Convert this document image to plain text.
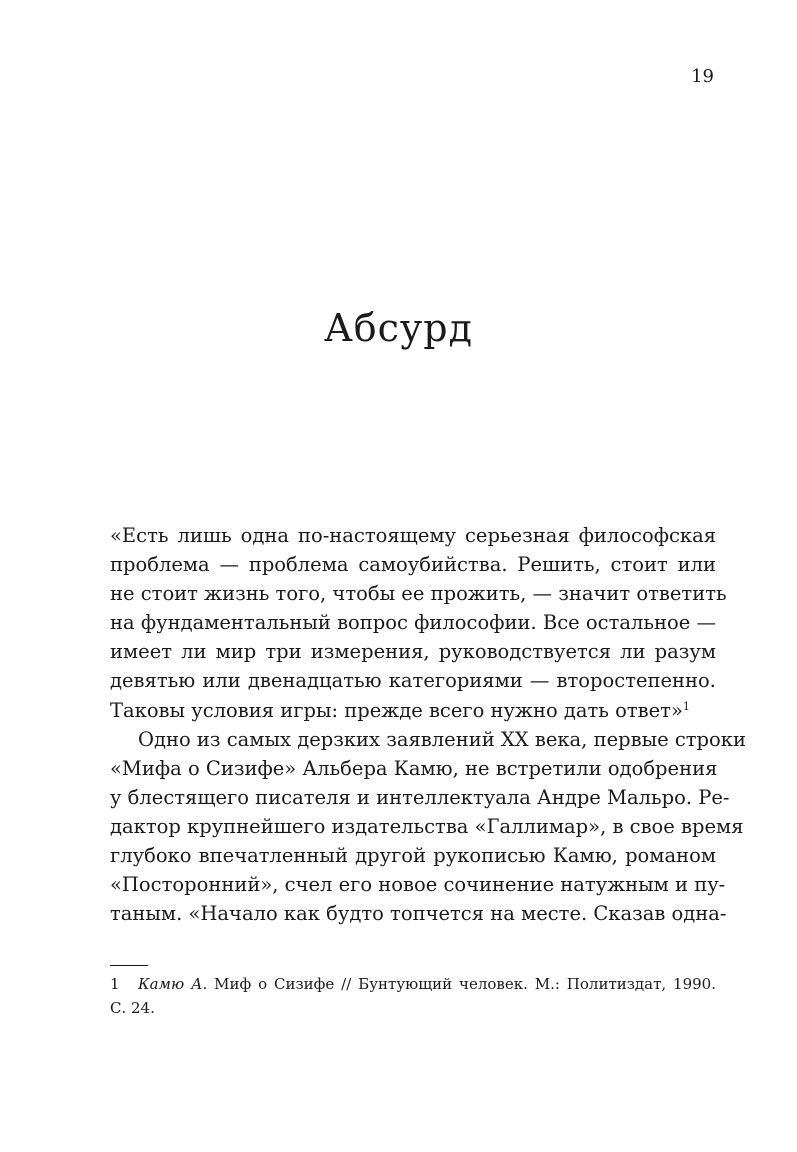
19
Абсурд
«Есть лишь одна по-настоящему серьезная философская
проблема — проблема самоубийства. Решить, стоит или
не стоит жизнь того, чтобы ее прожить, — значит ответить
на фундаментальный вопрос философии. Все остальное —
имеет ли мир три измерения, руководствуется ли разум
девятью или двенадцатью категориями — второстепенно.
Таковы условия игры: прежде всего нужно дать ответ»$^1$
Одно из самых дерзких заявлений XX века, первые строки
«Мифа о Сизифе» Альбера Камю, не встретили одобрения
у блестящего писателя и интеллектуала Андре Мальро. Ре-
дактор крупнейшего издательства «Галлимар», в свое время
глубоко впечатленный другой рукописью Камю, романом
«Посторонний», счел его новое сочинение натужным и пу-
таным. «Начало как будто топчется на месте. Сказав одна-
1 Камю А. Миф о Сизифе // Бунтующий человек. М.: Политиздат, 1990.
С. 24.
